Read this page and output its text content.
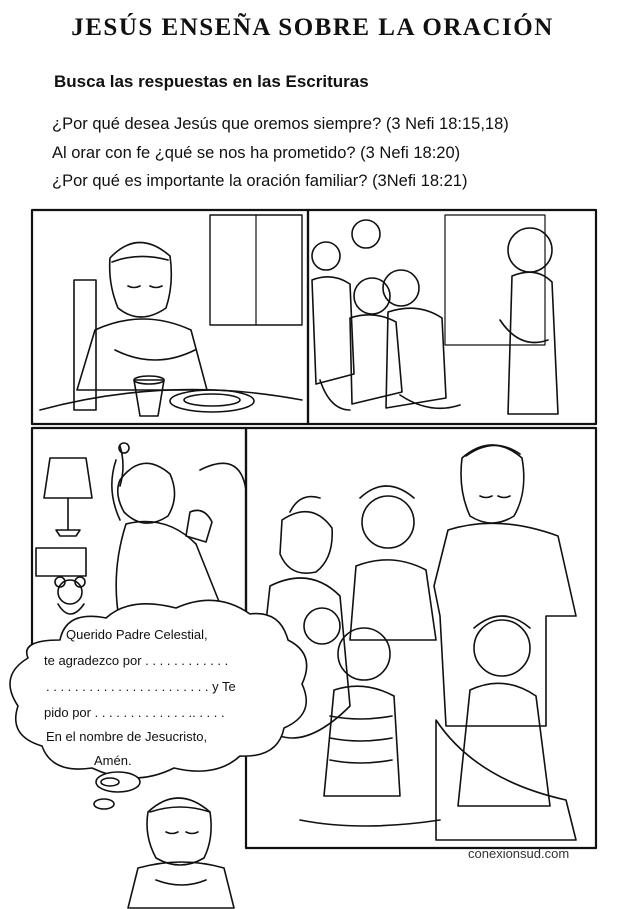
JESÚS ENSEÑA SOBRE LA ORACIÓN
Busca las respuestas en las Escrituras
¿Por qué desea Jesús que oremos siempre? (3 Nefi 18:15,18)
Al orar con fe ¿qué se nos ha prometido? (3 Nefi 18:20)
¿Por qué es importante la oración familiar? (3Nefi 18:21)
Querido Padre Celestial,
te agradezco por . . . . . . . . . . . .
. . . . . . . . . . . . . . . . . . . . . . . y Te
pido por . . . . . . . . . . . . . .. . . . .
En el nombre de Jesucristo,
Amén.
conexionsud.com
